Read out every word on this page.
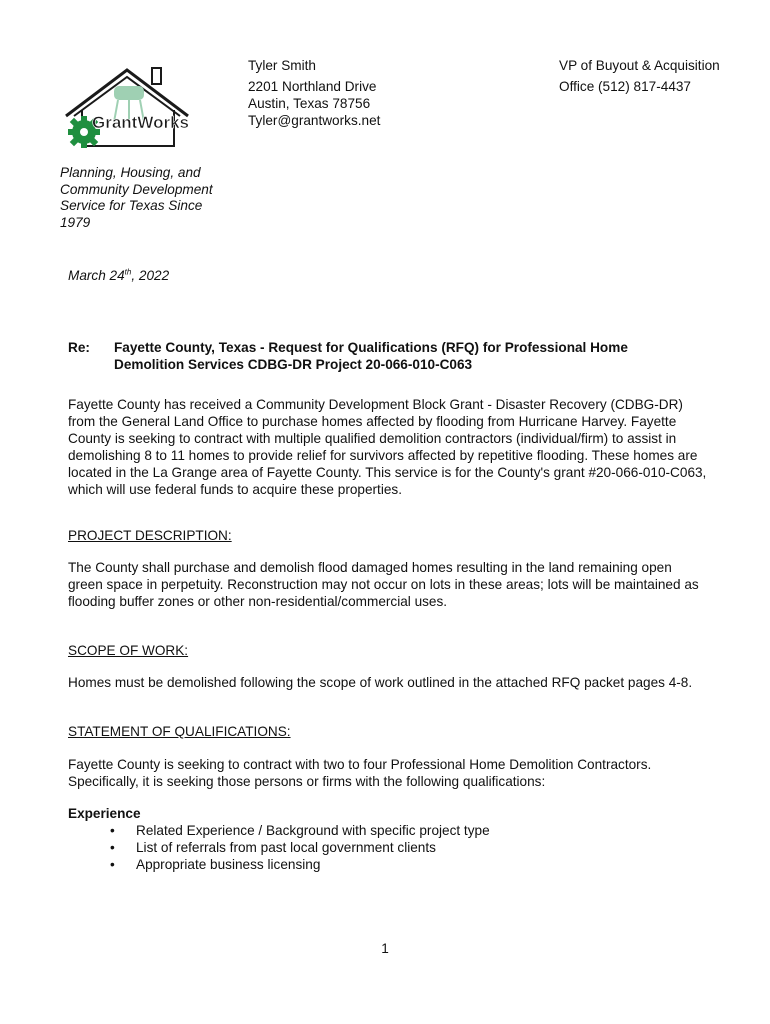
GrantWorks
Tyler Smith
2201 Northland Drive
Austin, Texas 78756
Tyler@grantworks.net
VP of Buyout & Acquisition
Office (512) 817-4437
Planning, Housing, and Community Development Service for Texas Since 1979
March 24th, 2022
Re: Fayette County, Texas - Request for Qualifications (RFQ) for Professional Home Demolition Services CDBG-DR Project 20-066-010-C063
Fayette County has received a Community Development Block Grant - Disaster Recovery (CDBG-DR) from the General Land Office to purchase homes affected by flooding from Hurricane Harvey. Fayette County is seeking to contract with multiple qualified demolition contractors (individual/firm) to assist in demolishing 8 to 11 homes to provide relief for survivors affected by repetitive flooding. These homes are located in the La Grange area of Fayette County. This service is for the County's grant #20-066-010-C063, which will use federal funds to acquire these properties.
PROJECT DESCRIPTION:
The County shall purchase and demolish flood damaged homes resulting in the land remaining open green space in perpetuity. Reconstruction may not occur on lots in these areas; lots will be maintained as flooding buffer zones or other non-residential/commercial uses.
SCOPE OF WORK:
Homes must be demolished following the scope of work outlined in the attached RFQ packet pages 4-8.
STATEMENT OF QUALIFICATIONS:
Fayette County is seeking to contract with two to four Professional Home Demolition Contractors. Specifically, it is seeking those persons or firms with the following qualifications:
Experience
• Related Experience / Background with specific project type
• List of referrals from past local government clients
• Appropriate business licensing
1
